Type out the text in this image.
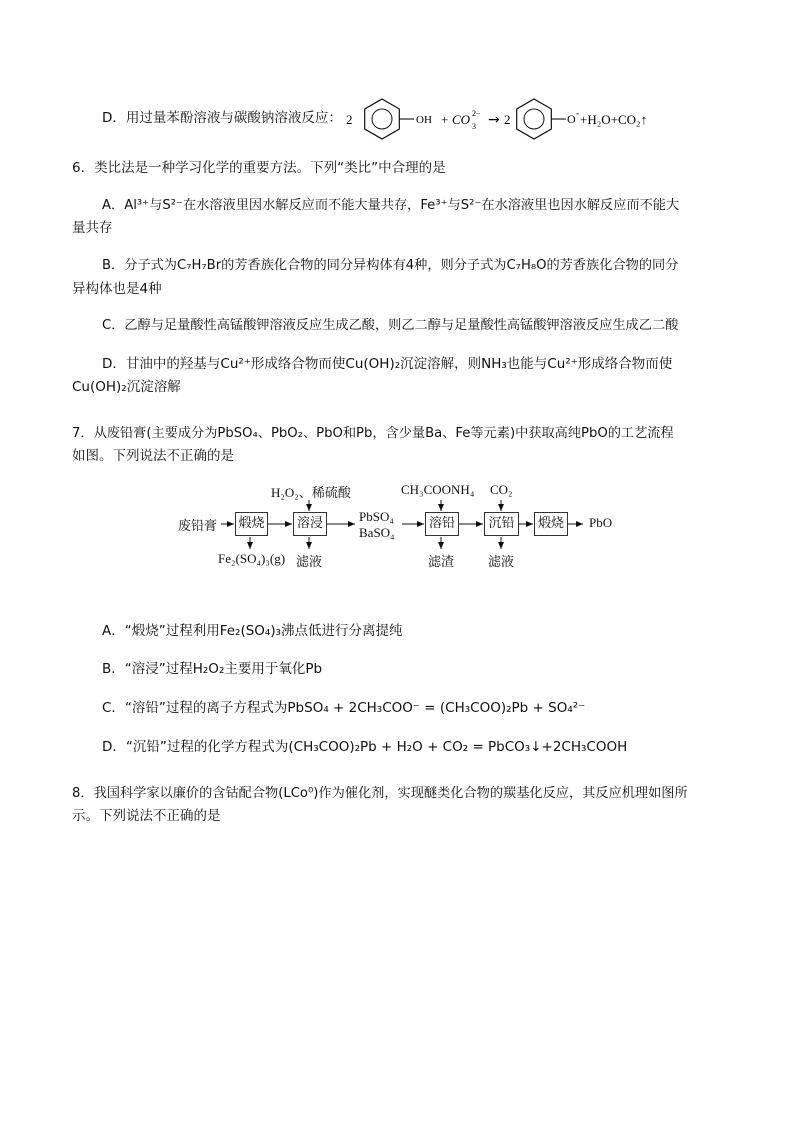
D．用过量苯酚溶液与碳酸钠溶液反应： 2	OH + CO 3
2− → 2	O - +H₂O+CO₂↑
6．类比法是一种学习化学的重要方法。下列“类比”中合理的是
A．Al³⁺与S²⁻在水溶液里因水解反应而不能大量共存，Fe³⁺与S²⁻在水溶液里也因水解反应而不能大
量共存
B．分子式为C₇H₇Br的芳香族化合物的同分异构体有4种，则分子式为C₇H₈O的芳香族化合物的同分
异构体也是4种
C．乙醇与足量酸性高锰酸钾溶液反应生成乙酸，则乙二醇与足量酸性高锰酸钾溶液反应生成乙二酸
D．甘油中的羟基与Cu²⁺形成络合物而使Cu(OH)₂沉淀溶解，则NH₃也能与Cu²⁺形成络合物而使
Cu(OH)₂沉淀溶解
7．从废铅膏(主要成分为PbSO₄、PbO₂、PbO和Pb，含少量Ba、Fe等元素)中获取高纯PbO的工艺流程
如图。下列说法不正确的是
废铅膏 煅烧	溶浸	溶铅	沉铅	煅烧	PbO
H₂O₂、稀硫酸	CH₃COONH₄ CO₂
Fe₂(SO₄)₃(g) 滤液	滤渣	滤液
PbSO₄
BaSO₄
A．“煅烧”过程利用Fe₂(SO₄)₃沸点低进行分离提纯
B．“溶浸”过程H₂O₂主要用于氧化Pb
C．“溶铅”过程的离子方程式为PbSO₄ + 2CH₃COO⁻ = (CH₃COO)₂Pb + SO₄²⁻
D．“沉铅”过程的化学方程式为(CH₃COO)₂Pb + H₂O + CO₂ = PbCO₃↓+2CH₃COOH
8．我国科学家以廉价的含钴配合物(LCo⁰)作为催化剂，实现醚类化合物的羰基化反应，其反应机理如图所
示。下列说法不正确的是
